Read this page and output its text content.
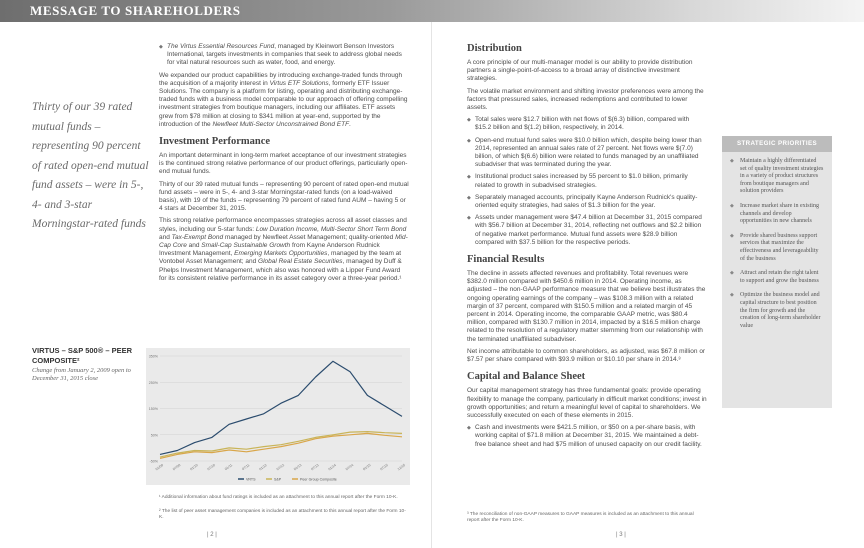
MESSAGE TO SHAREHOLDERS
Thirty of our 39 rated mutual funds – representing 90 percent of rated open-end mutual fund assets – were in 5-, 4- and 3-star Morningstar-rated funds
◆ The Virtus Essential Resources Fund, managed by Kleinwort Benson Investors International, targets investments in companies that seek to address global needs for vital natural resources such as water, food, and energy.

We expanded our product capabilities by introducing exchange-traded funds through the acquisition of a majority interest in Virtus ETF Solutions, formerly ETF Issuer Solutions. The company is a platform for listing, operating and distributing exchange-traded funds with a business model comparable to our approach of offering compelling investment strategies from boutique managers, including our affiliates. ETF assets grew from $78 million at closing to $341 million at year-end, supported by the introduction of the Newfleet Multi-Sector Unconstrained Bond ETF.

Investment Performance

An important determinant in long-term market acceptance of our investment strategies is the continued strong relative performance of our product offerings, particularly open-end mutual funds.

Thirty of our 39 rated mutual funds – representing 90 percent of rated open-end mutual fund assets – were in 5-, 4- and 3-star Morningstar-rated funds (on a load-waived basis), with 19 of the funds – representing 79 percent of rated fund AUM – having 5 or 4 stars at December 31, 2015.

This strong relative performance encompasses strategies across all asset classes and styles, including our 5-star funds: Low Duration Income, Multi-Sector Short Term Bond and Tax-Exempt Bond managed by Newfleet Asset Management; quality-oriented Mid-Cap Core and Small-Cap Sustainable Growth from Kayne Anderson Rudnick Investment Management, Emerging Markets Opportunities, managed by the team at Vontobel Asset Management; and Global Real Estate Securities, managed by Duff & Phelps Investment Management, which also was honored with a Lipper Fund Award for its consistent relative performance in its asset category over a three-year period.¹

VIRTUS – S&P 500® – PEER COMPOSITE²
Change from January 2, 2009 open to December 31, 2015 close
-50%
50%
150%
250%
350%
01/09 07/09 01/10 07/10 01/11 07/11 01/12 07/12 01/13 07/13 01/14 07/14 01/15 07/15 12/15
VRTS	S&P	Peer Group Composite
¹ Additional information about fund ratings is included as an attachment to this annual report after the Form 10-K.
² The list of peer asset management companies is included as an attachment to this annual report after the Form 10-K.
| 2 |
Distribution

A core principle of our multi-manager model is our ability to provide distribution partners a single-point-of-access to a broad array of distinctive investment strategies.

The volatile market environment and shifting investor preferences were among the factors that pressured sales, increased redemptions and contributed to lower assets.

◆ Total sales were $12.7 billion with net flows of $(6.3) billion, compared with $15.2 billion and $(1.2) billion, respectively, in 2014.
◆ Open-end mutual fund sales were $10.0 billion which, despite being lower than 2014, represented an annual sales rate of 27 percent. Net flows were $(7.0) billion, of which $(6.6) billion were related to funds managed by an unaffiliated subadviser that was terminated during the year.
◆ Institutional product sales increased by 55 percent to $1.0 billion, primarily related to growth in subadvised strategies.
◆ Separately managed accounts, principally Kayne Anderson Rudnick's quality-oriented equity strategies, had sales of $1.3 billion for the year.
◆ Assets under management were $47.4 billion at December 31, 2015 compared with $56.7 billion at December 31, 2014, reflecting net outflows and $2.2 billion of negative market performance. Mutual fund assets were $28.9 billion compared with $37.5 billion for the respective periods.
Financial Results

The decline in assets affected revenues and profitability. Total revenues were $382.0 million compared with $450.6 million in 2014. Operating income, as adjusted – the non-GAAP performance measure that we believe best illustrates the ongoing operating earnings of the company – was $108.3 million with a related margin of 37 percent, compared with $150.5 million and a related margin of 45 percent in 2014. Operating income, the comparable GAAP metric, was $80.4 million, compared with $130.7 million in 2014, impacted by a $16.5 million charge related to the resolution of a regulatory matter stemming from our relationship with the terminated unaffiliated subadviser.

Net income attributable to common shareholders, as adjusted, was $67.8 million or $7.57 per share compared with $93.9 million or $10.10 per share in 2014.³

Capital and Balance Sheet

Our capital management strategy has three fundamental goals: provide operating flexibility to manage the company, particularly in difficult market conditions; invest in growth opportunities; and return a meaningful level of capital to shareholders. We successfully executed on each of these elements in 2015.

◆ Cash and investments were $421.5 million, or $50 on a per-share basis, with working capital of $71.8 million at December 31, 2015. We maintained a debt-free balance sheet and had $75 million of unused capacity on our credit facility.
³ The reconciliation of non-GAAP measures to GAAP measures is included as an attachment to this annual report after the Form 10-K.
| 3 |
STRATEGIC PRIORITIES
◆ Maintain a highly differentiated set of quality investment strategies in a variety of product structures from boutique managers and solution providers
◆ Increase market share in existing channels and develop opportunities in new channels
◆ Provide shared business support services that maximize the effectiveness and leverageability of the business
◆ Attract and retain the right talent to support and grow the business
◆ Optimize the business model and capital structure to best position the firm for growth and the creation of long-term shareholder value
